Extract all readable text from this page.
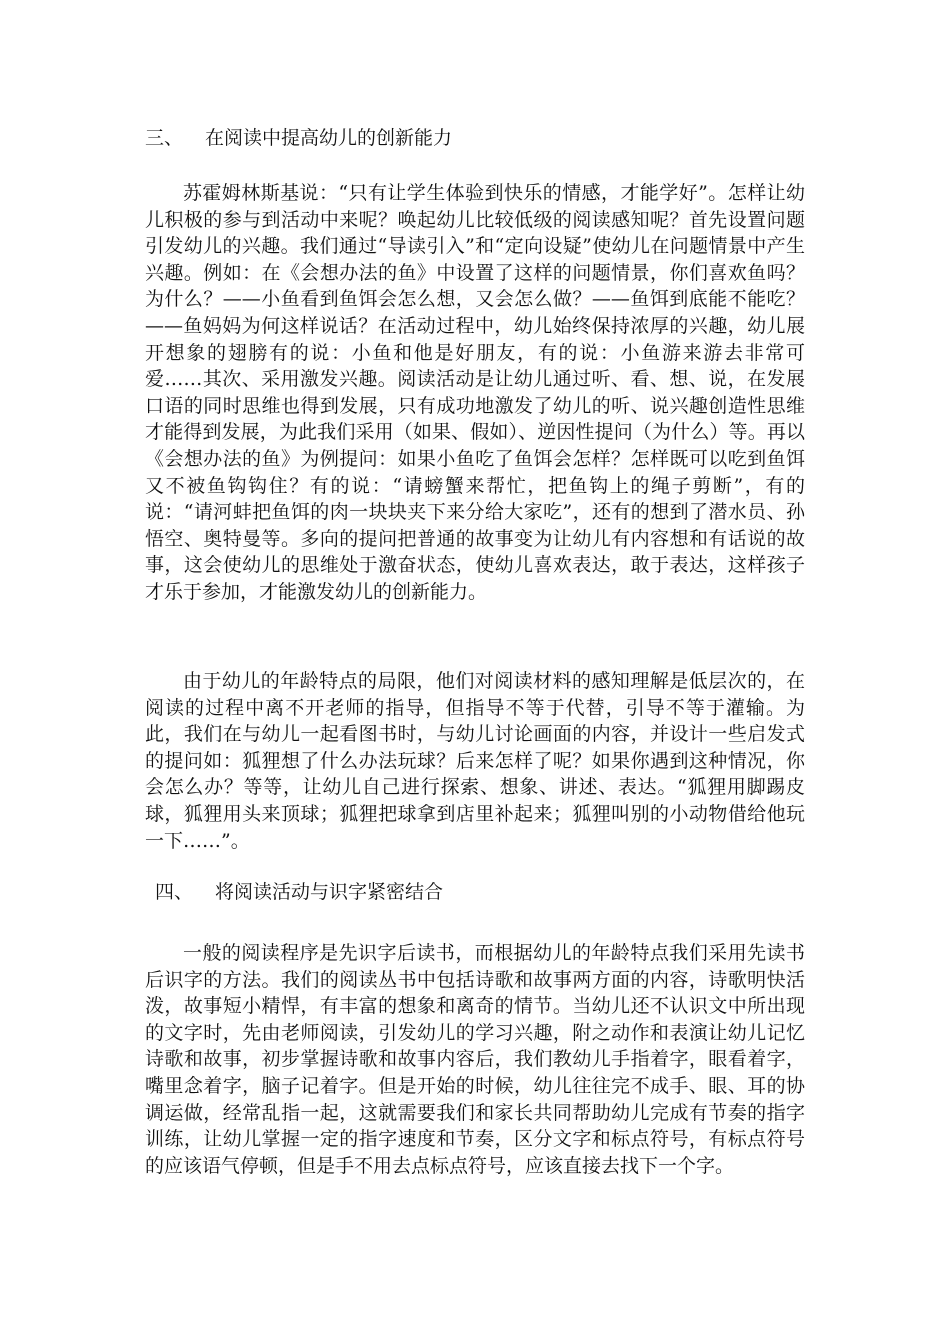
三、 在阅读中提高幼儿的创新能力

苏霍姆林斯基说：“只有让学生体验到快乐的情感，才能学好”。怎样让幼儿积极的参与到活动中来呢？唤起幼儿比较低级的阅读感知呢？首先设置问题引发幼儿的兴趣。我们通过“导读引入”和“定向设疑”使幼儿在问题情景中产生兴趣。例如：在《会想办法的鱼》中设置了这样的问题情景，你们喜欢鱼吗？为什么？——小鱼看到鱼饵会怎么想，又会怎么做？——鱼饵到底能不能吃？——鱼妈妈为何这样说话？在活动过程中，幼儿始终保持浓厚的兴趣，幼儿展开想象的翅膀有的说：小鱼和他是好朋友，有的说：小鱼游来游去非常可爱……其次、采用激发兴趣。阅读活动是让幼儿通过听、看、想、说，在发展口语的同时思维也得到发展，只有成功地激发了幼儿的听、说兴趣创造性思维才能得到发展，为此我们采用（如果、假如）、逆因性提问（为什么）等。再以《会想办法的鱼》为例提问：如果小鱼吃了鱼饵会怎样？怎样既可以吃到鱼饵又不被鱼钩钩住？有的说：“请螃蟹来帮忙，把鱼钩上的绳子剪断”，有的说：“请河蚌把鱼饵的肉一块块夹下来分给大家吃”，还有的想到了潜水员、孙悟空、奥特曼等。多向的提问把普通的故事变为让幼儿有内容想和有话说的故事，这会使幼儿的思维处于激奋状态，使幼儿喜欢表达，敢于表达，这样孩子才乐于参加，才能激发幼儿的创新能力。

由于幼儿的年龄特点的局限，他们对阅读材料的感知理解是低层次的，在阅读的过程中离不开老师的指导，但指导不等于代替，引导不等于灌输。为此，我们在与幼儿一起看图书时，与幼儿讨论画面的内容，并设计一些启发式的提问如：狐狸想了什么办法玩球？后来怎样了呢？如果你遇到这种情况，你会怎么办？等等，让幼儿自己进行探索、想象、讲述、表达。“狐狸用脚踢皮球，狐狸用头来顶球；狐狸把球拿到店里补起来；狐狸叫别的小动物借给他玩一下……”。

四、 将阅读活动与识字紧密结合

一般的阅读程序是先识字后读书，而根据幼儿的年龄特点我们采用先读书后识字的方法。我们的阅读丛书中包括诗歌和故事两方面的内容，诗歌明快活泼，故事短小精悍，有丰富的想象和离奇的情节。当幼儿还不认识文中所出现的文字时，先由老师阅读，引发幼儿的学习兴趣，附之动作和表演让幼儿记忆诗歌和故事，初步掌握诗歌和故事内容后，我们教幼儿手指着字，眼看着字，嘴里念着字，脑子记着字。但是开始的时候，幼儿往往完不成手、眼、耳的协调运做，经常乱指一起，这就需要我们和家长共同帮助幼儿完成有节奏的指字训练，让幼儿掌握一定的指字速度和节奏，区分文字和标点符号，有标点符号的应该语气停顿，但是手不用去点标点符号，应该直接去找下一个字。
